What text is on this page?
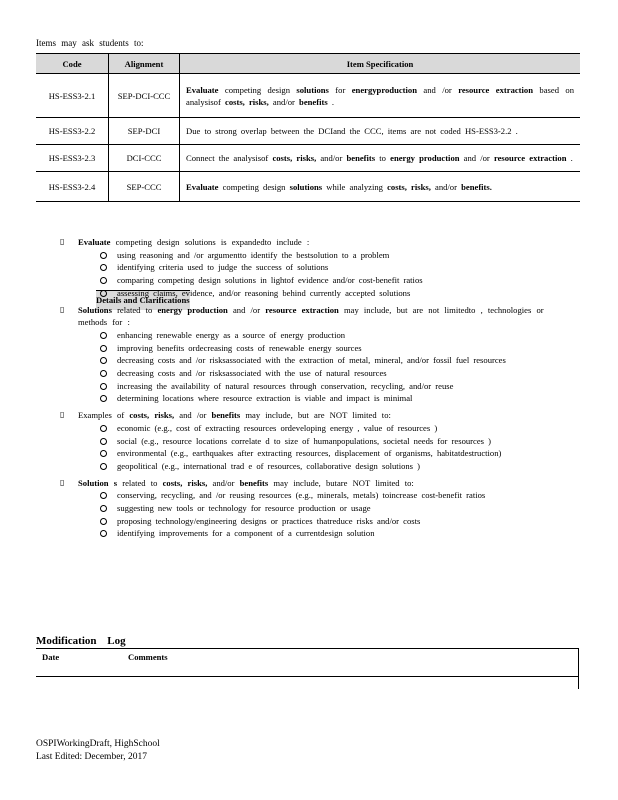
Items may ask students to:
Code	Alignment	Item Specification
HS-ESS3-2.1	SEP-DCI-CCC	Evaluate competing design solutions for energyproduction and /or resource extraction based on analysisof costs, risks, and/or benefits .
HS-ESS3-2.2	SEP-DCI	Due to strong overlap between the DCIand the CCC, items are not coded HS-ESS3-2.2 .
HS-ESS3-2.3	DCI-CCC	Connect the analysisof costs, risks, and/or benefits to energy production and /or resource extraction .
HS-ESS3-2.4	SEP-CCC	Evaluate competing design solutions while analyzing costs, risks, and/or benefits.

Details and Clarifications
▯ Evaluate competing design solutions is expandedto include :
using reasoning and /or argumentto identify the bestsolution to a problem
identifying criteria used to judge the success of solutions
comparing competing design solutions in lightof evidence and/or cost-benefit ratios
assessing claims, evidence, and/or reasoning behind currently accepted solutions
▯ Solutions related to energy production and /or resource extraction may include, but are not limitedto , technologies or methods for :
enhancing renewable energy as a source of energy production
improving benefits ordecreasing costs of renewable energy sources
decreasing costs and /or risksassociated with the extraction of metal, mineral, and/or fossil fuel resources
decreasing costs and /or risksassociated with the use of natural resources
increasing the availability of natural resources through conservation, recycling, and/or reuse
determining locations where resource extraction is viable and impact is minimal
▯ Examples of costs, risks, and /or benefits may include, but are NOT limited to:
economic (e.g., cost of extracting resources ordeveloping energy , value of resources )
social (e.g., resource locations correlate d to size of humanpopulations, societal needs for resources )
environmental (e.g., earthquakes after extracting resources, displacement of organisms, habitatdestruction)
geopolitical (e.g., international trad e of resources, collaborative design solutions )
▯ Solution s related to costs, risks, and/or benefits may include, butare NOT limited to:
conserving, recycling, and /or reusing resources (e.g., minerals, metals) toincrease cost-benefit ratios
suggesting new tools or technology for resource production or usage
proposing technology/engineering designs or practices thatreduce risks and/or costs
identifying improvements for a component of a currentdesign solution
Modification Log
Date	Comments
OSPIWorkingDraft, HighSchool
Last Edited: December, 2017
